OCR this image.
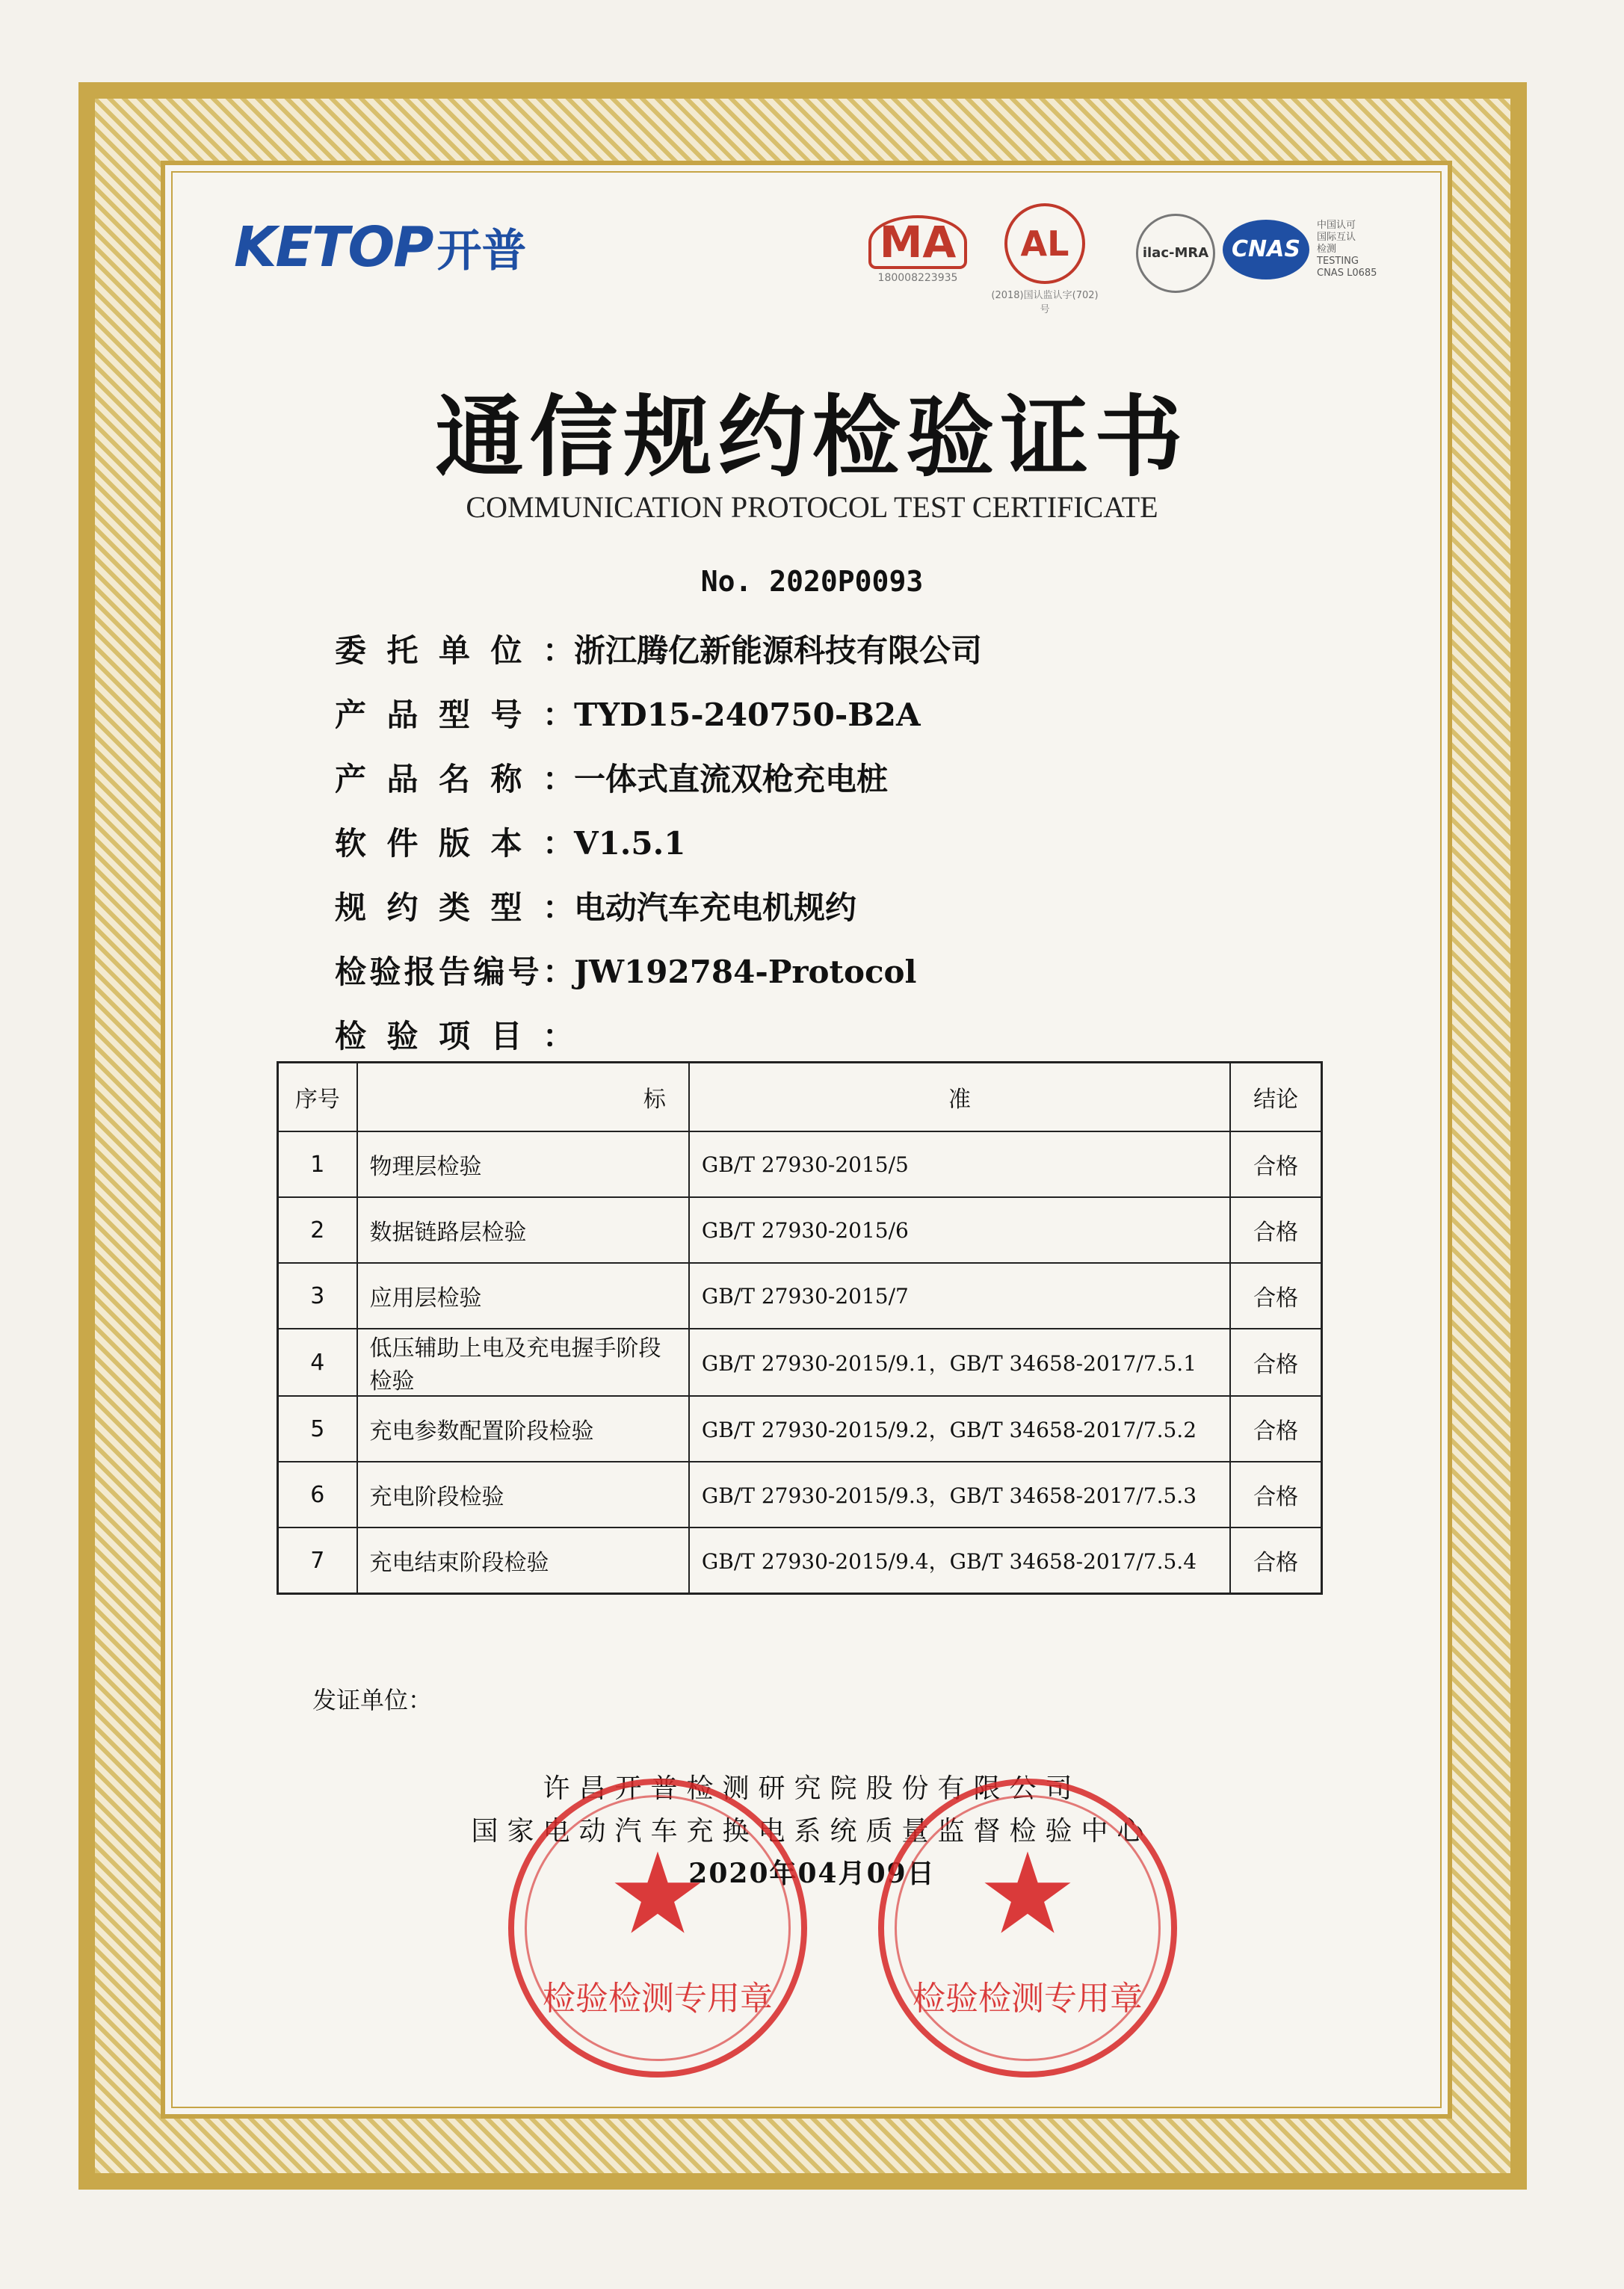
KETOP 开普	MA
180008223935
AL
(2018)国认监认字(702)号
ilac-MRA	CNAS
中国认可
国际互认
检测
TESTING
CNAS L0685
通信规约检验证书
COMMUNICATION PROTOCOL TEST CERTIFICATE
No. 2020P0093
委托单位：浙江腾亿新能源科技有限公司
产品型号：TYD15-240750-B2A
产品名称：一体式直流双枪充电桩
软件版本：V1.5.1
规约类型：电动汽车充电机规约
检验报告编号：JW192784-Protocol
检验项目：
序号	标	准	结论
1	物理层检验	GB/T 27930-2015/5	合格
2	数据链路层检验	GB/T 27930-2015/6	合格
3	应用层检验	GB/T 27930-2015/7	合格
4	低压辅助上电及充电握手阶段检验	GB/T 27930-2015/9.1，GB/T 34658-2017/7.5.1	合格
5	充电参数配置阶段检验	GB/T 27930-2015/9.2，GB/T 34658-2017/7.5.2	合格
6	充电阶段检验	GB/T 27930-2015/9.3，GB/T 34658-2017/7.5.3	合格
7	充电结束阶段检验	GB/T 27930-2015/9.4，GB/T 34658-2017/7.5.4	合格
发证单位：
许昌开普检测研究院股份有限公司
国家电动汽车充换电系统质量监督检验中心
2020年04月09日
★
检验检测专用章
★
检验检测专用章
